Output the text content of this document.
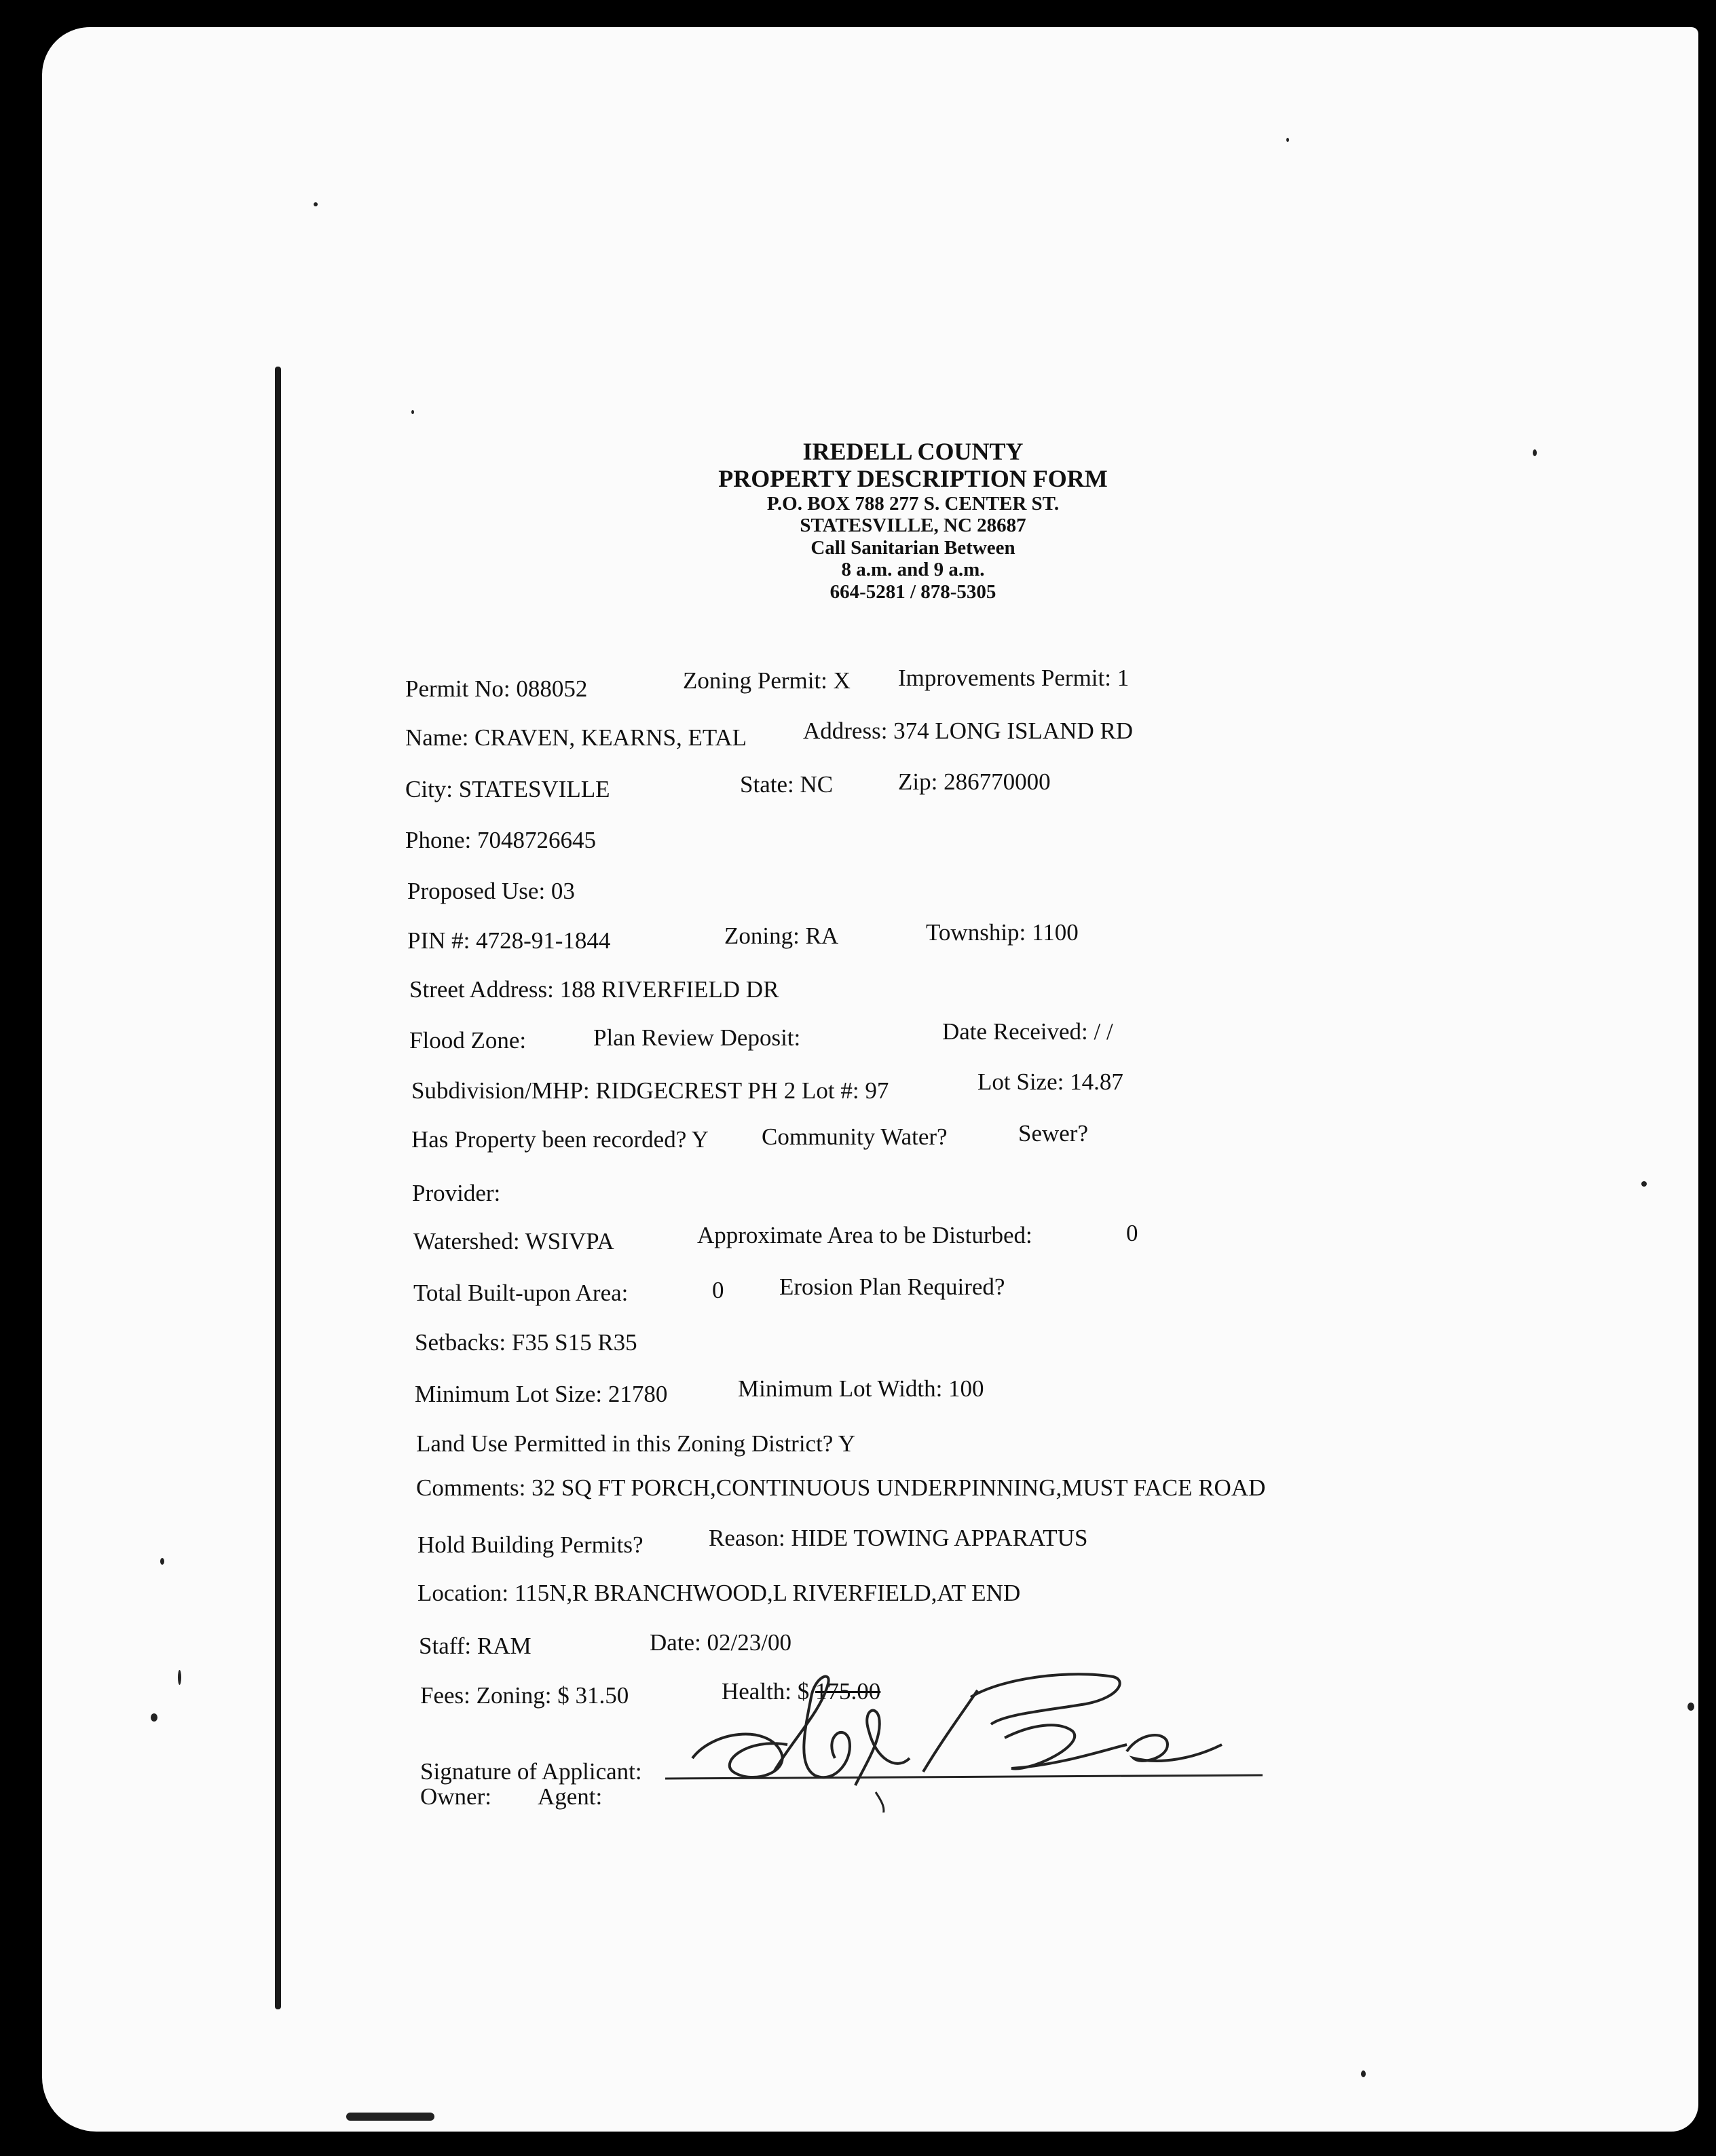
IREDELL COUNTY
PROPERTY DESCRIPTION FORM
P.O. BOX 788 277 S. CENTER ST.
STATESVILLE, NC 28687
Call Sanitarian Between
8 a.m. and 9 a.m.
664-5281 / 878-5305
Permit No: 088052	Zoning Permit: X Improvements Permit: 1
Name: CRAVEN, KEARNS, ETAL Address: 374 LONG ISLAND RD
City: STATESVILLE	State: NC	Zip: 286770000
Phone: 7048726645
Proposed Use: 03
PIN #: 4728-91-1844	Zoning: RA	Township: 1100
Street Address: 188 RIVERFIELD DR
Flood Zone:	Plan Review Deposit:	Date Received: / /
Subdivision/MHP: RIDGECREST PH 2 Lot #: 97	Lot Size: 14.87
Has Property been recorded? Y Community Water?	Sewer?
Provider:
Watershed: WSIVPA	Approximate Area to be Disturbed:	0
Total Built-upon Area:	0 Erosion Plan Required?
Setbacks: F35 S15 R35
Minimum Lot Size: 21780	Minimum Lot Width: 100
Land Use Permitted in this Zoning District? Y
Comments: 32 SQ FT PORCH,CONTINUOUS UNDERPINNING,MUST FACE ROAD
Hold Building Permits?	Reason: HIDE TOWING APPARATUS
Location: 115N,R BRANCHWOOD,L RIVERFIELD,AT END
Staff: RAM	Date: 02/23/00
Fees: Zoning: $ 31.50	Health: $ 175.00
Signature of Applicant:
Owner: Agent:
